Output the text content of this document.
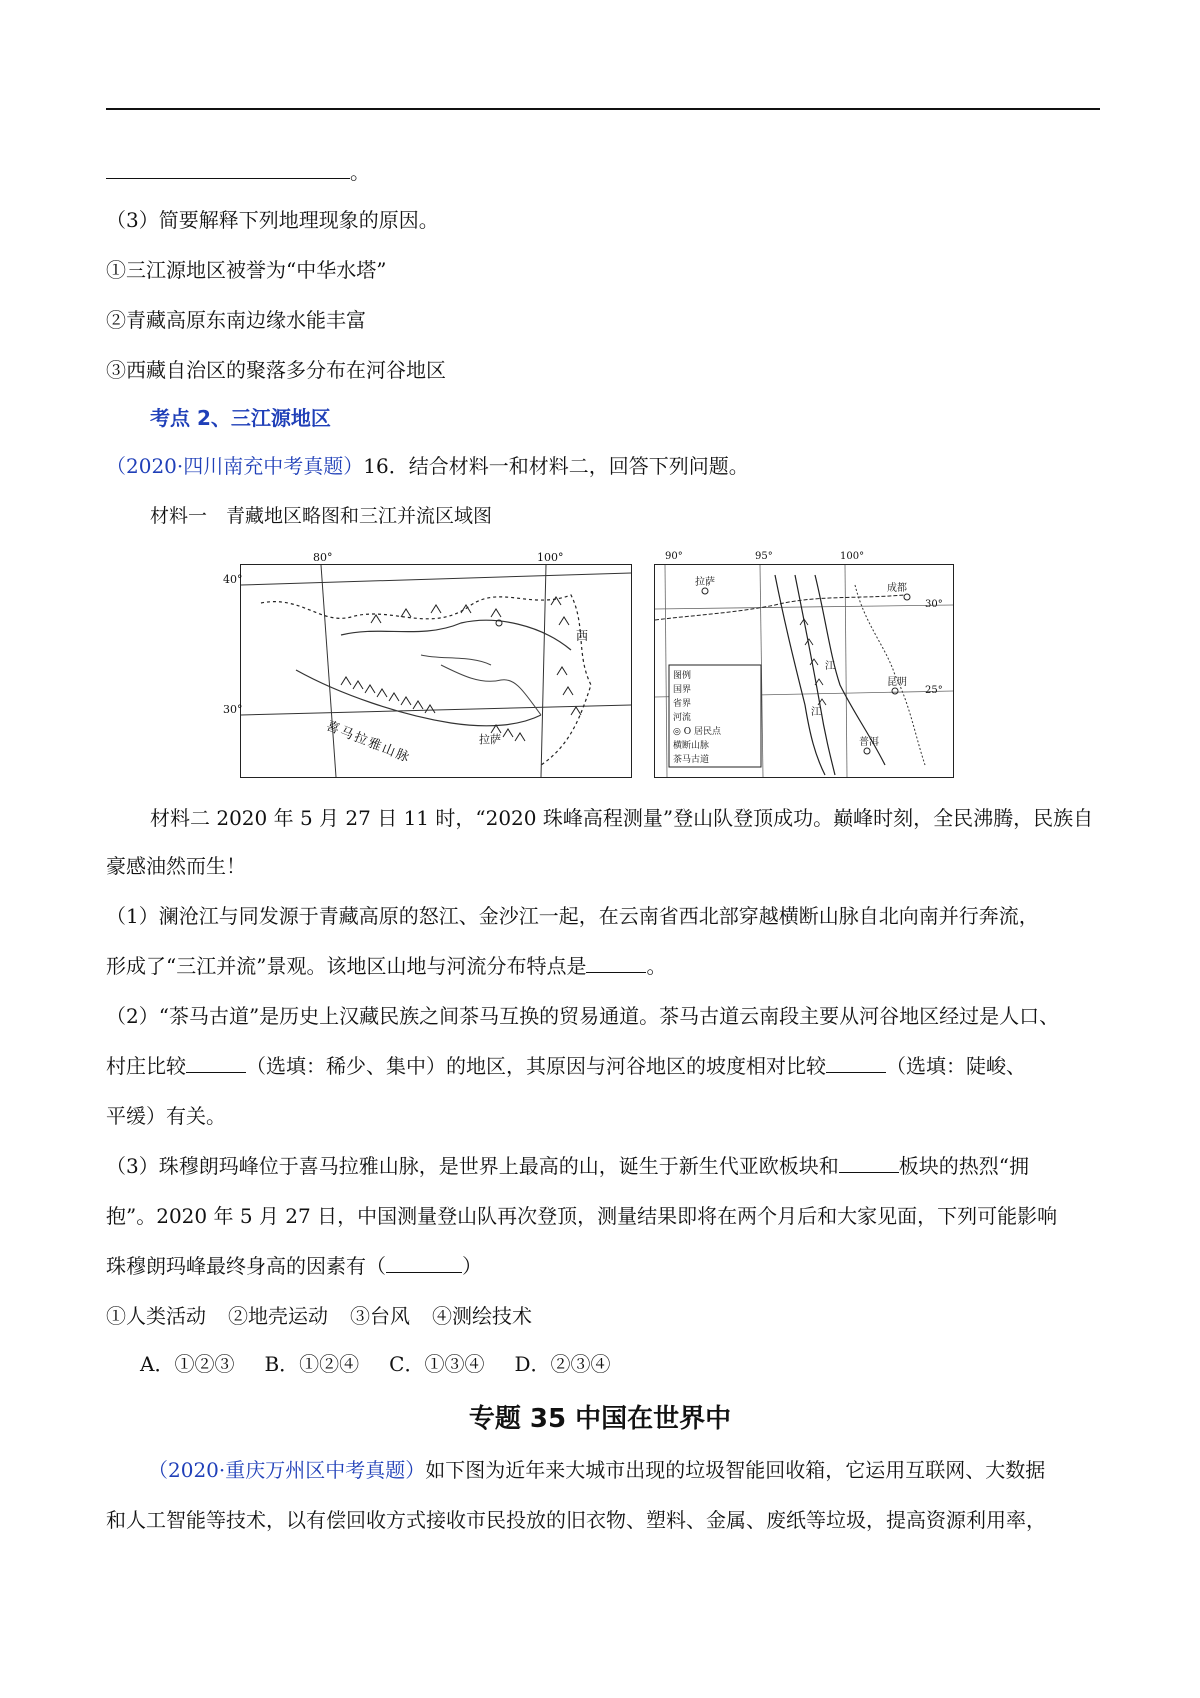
。
（3）简要解释下列地理现象的原因。
①三江源地区被誉为“中华水塔”
②青藏高原东南边缘水能丰富
③西藏自治区的聚落多分布在河谷地区
考点 2、三江源地区
（2020·四川南充中考真题）16．结合材料一和材料二，回答下列问题。
材料一　青藏地区略图和三江并流区域图
40°
30°
80°	100°
喜马拉雅山脉	拉萨
西
90°	95°	100°
30°
25°
拉萨
成都
昆明
普洱
江
江
图例
国界
省界
河流
◎ O 居民点
横断山脉
茶马古道
材料二 2020 年 5 月 27 日 11 时，“2020 珠峰高程测量”登山队登顶成功。巅峰时刻，全民沸腾，民族自
豪感油然而生！
（1）澜沧江与同发源于青藏高原的怒江、金沙江一起，在云南省西北部穿越横断山脉自北向南并行奔流，
形成了“三江并流”景观。该地区山地与河流分布特点是	。
（2）“茶马古道”是历史上汉藏民族之间茶马互换的贸易通道。茶马古道云南段主要从河谷地区经过是人口、
村庄比较	（选填：稀少、集中）的地区，其原因与河谷地区的坡度相对比较	（选填：陡峻、
平缓）有关。
（3）珠穆朗玛峰位于喜马拉雅山脉，是世界上最高的山，诞生于新生代亚欧板块和	板块的热烈“拥
抱”。2020 年 5 月 27 日，中国测量登山队再次登顶，测量结果即将在两个月后和大家见面，下列可能影响
珠穆朗玛峰最终身高的因素有（	）
①人类活动 ②地壳运动 ③台风 ④测绘技术
A．①②③ B．①②④ C．①③④ D．②③④
专题 35 中国在世界中
（2020·重庆万州区中考真题）如下图为近年来大城市出现的垃圾智能回收箱，它运用互联网、大数据
和人工智能等技术，以有偿回收方式接收市民投放的旧衣物、塑料、金属、废纸等垃圾，提高资源利用率，
